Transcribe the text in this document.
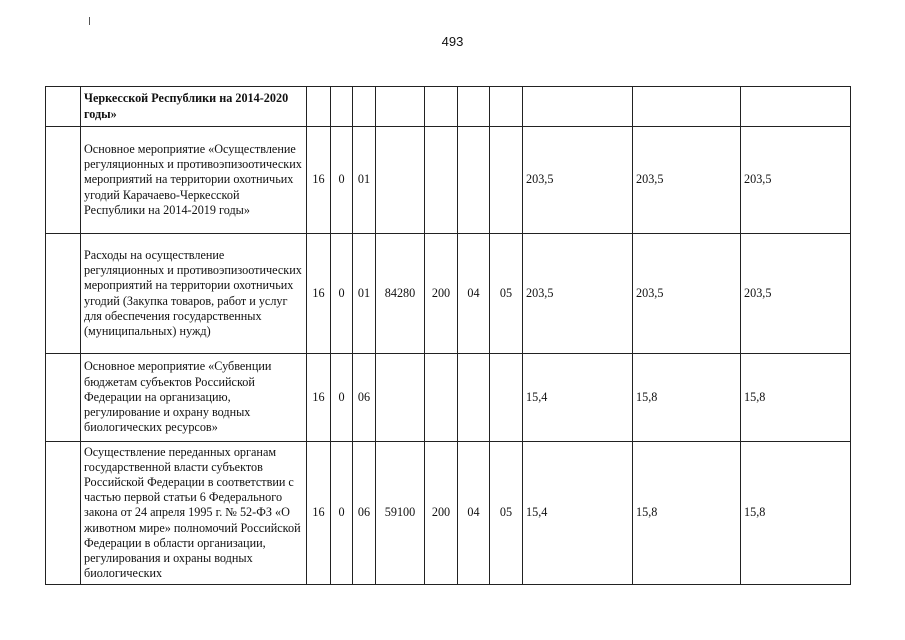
493
	Черкесской Республики на 2014-2020 годы»										
	Основное мероприятие «Осуществление регуляционных и противоэпизоотических мероприятий на территории охотничьих угодий Карачаево-Черкесской Республики на 2014-2019 годы»	16	0	01					203,5	203,5	203,5
	Расходы на осуществление регуляционных и противоэпизоотических мероприятий на территории охотничьих угодий (Закупка товаров, работ и услуг для обеспечения государственных (муниципальных) нужд)	16	0	01	84280	200	04	05	203,5	203,5	203,5
	Основное мероприятие «Субвенции бюджетам субъектов Российской Федерации на организацию, регулирование и охрану водных биологических ресурсов»	16	0	06					15,4	15,8	15,8
	Осуществление переданных органам государственной власти субъектов Российской Федерации в соответствии с частью первой статьи 6 Федерального закона от 24 апреля 1995 г. № 52-ФЗ «О животном мире» полномочий Российской Федерации в области организации, регулирования и охраны водных биологических	16	0	06	59100	200	04	05	15,4	15,8	15,8
